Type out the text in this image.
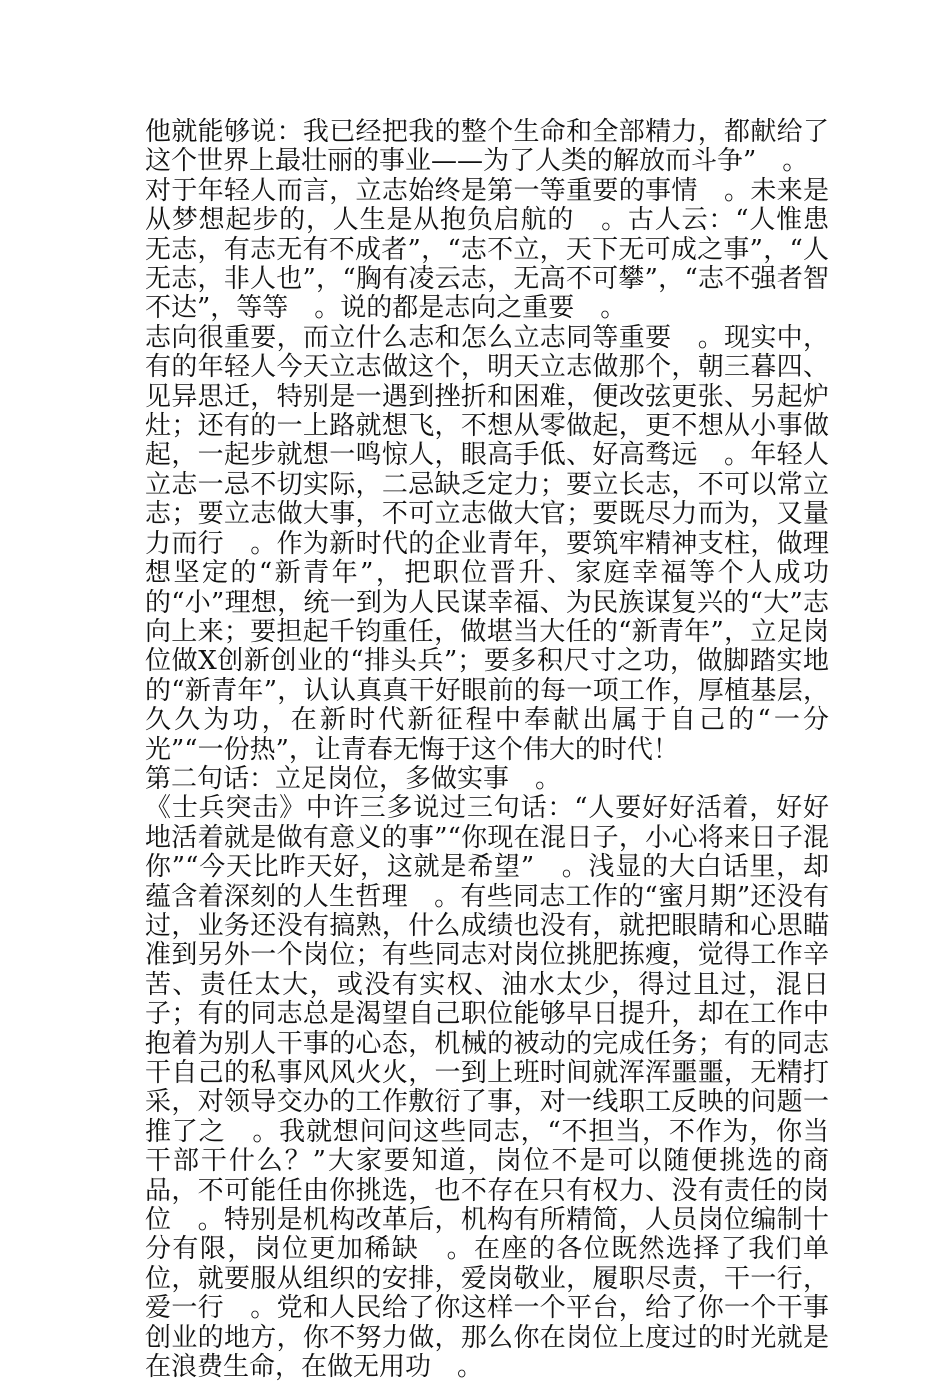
他就能够说：我已经把我的整个生命和全部精力，都献给了这个世界上最壮丽的事业——为了人类的解放而斗争”　。

对于年轻人而言，立志始终是第一等重要的事情　。未来是从梦想起步的，人生是从抱负启航的　。古人云：“人惟患无志，有志无有不成者”，“志不立，天下无可成之事”，“人无志，非人也”，“胸有凌云志，无高不可攀”，“志不强者智不达”，等等　。说的都是志向之重要　。

志向很重要，而立什么志和怎么立志同等重要　。现实中，有的年轻人今天立志做这个，明天立志做那个，朝三暮四、见异思迁，特别是一遇到挫折和困难，便改弦更张、另起炉灶；还有的一上路就想飞，不想从零做起，更不想从小事做起，一起步就想一鸣惊人，眼高手低、好高骛远　。年轻人立志一忌不切实际，二忌缺乏定力；要立长志，不可以常立志；要立志做大事，不可立志做大官；要既尽力而为，又量力而行　。作为新时代的企业青年，要筑牢精神支柱，做理想坚定的“新青年”，把职位晋升、家庭幸福等个人成功的“小”理想，统一到为人民谋幸福、为民族谋复兴的“大”志向上来；要担起千钧重任，做堪当大任的“新青年”，立足岗位做X创新创业的“排头兵”；要多积尺寸之功，做脚踏实地的“新青年”，认认真真干好眼前的每一项工作，厚植基层，久久为功，在新时代新征程中奉献出属于自己的“一分光”“一份热”，让青春无悔于这个伟大的时代！

第二句话：立足岗位，多做实事　。

《士兵突击》中许三多说过三句话：“人要好好活着，好好地活着就是做有意义的事”“你现在混日子，小心将来日子混你”“今天比昨天好，这就是希望”　。浅显的大白话里，却蕴含着深刻的人生哲理　。有些同志工作的“蜜月期”还没有过，业务还没有搞熟，什么成绩也没有，就把眼睛和心思瞄准到另外一个岗位；有些同志对岗位挑肥拣瘦，觉得工作辛苦、责任太大，或没有实权、油水太少，得过且过，混日子；有的同志总是渴望自己职位能够早日提升，却在工作中抱着为别人干事的心态，机械的被动的完成任务；有的同志干自己的私事风风火火，一到上班时间就浑浑噩噩，无精打采，对领导交办的工作敷衍了事，对一线职工反映的问题一推了之　。我就想问问这些同志，“不担当，不作为，你当干部干什么？”大家要知道，岗位不是可以随便挑选的商品，不可能任由你挑选，也不存在只有权力、没有责任的岗位　。特别是机构改革后，机构有所精简，人员岗位编制十分有限，岗位更加稀缺　。在座的各位既然选择了我们单位，就要服从组织的安排，爱岗敬业，履职尽责，干一行，爱一行　。党和人民给了你这样一个平台，给了你一个干事创业的地方，你不努力做，那么你在岗位上度过的时光就是在浪费生命，在做无用功　。
